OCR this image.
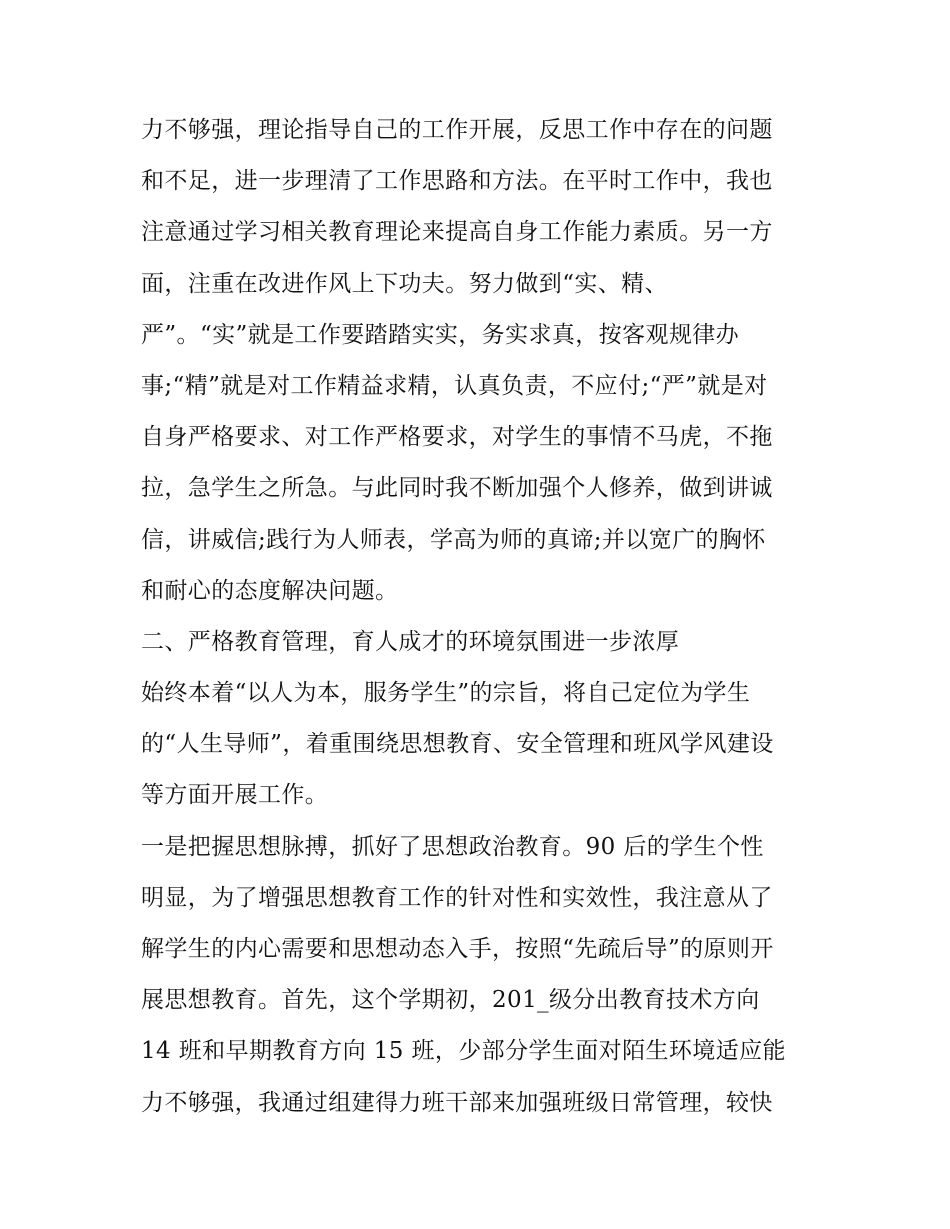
力不够强，理论指导自己的工作开展，反思工作中存在的问题
和不足，进一步理清了工作思路和方法。在平时工作中，我也
注意通过学习相关教育理论来提高自身工作能力素质。另一方
面，注重在改进作风上下功夫。努力做到“实、精、
严”。“实”就是工作要踏踏实实，务实求真，按客观规律办
事;“精”就是对工作精益求精，认真负责，不应付;“严”就是对
自身严格要求、对工作严格要求，对学生的事情不马虎，不拖
拉，急学生之所急。与此同时我不断加强个人修养，做到讲诚
信，讲威信;践行为人师表，学高为师的真谛;并以宽广的胸怀
和耐心的态度解决问题。
二、严格教育管理，育人成才的环境氛围进一步浓厚
始终本着“以人为本，服务学生”的宗旨，将自己定位为学生
的“人生导师”，着重围绕思想教育、安全管理和班风学风建设
等方面开展工作。
一是把握思想脉搏，抓好了思想政治教育。90 后的学生个性
明显，为了增强思想教育工作的针对性和实效性，我注意从了
解学生的内心需要和思想动态入手，按照“先疏后导”的原则开
展思想教育。首先，这个学期初，201_级分出教育技术方向
14 班和早期教育方向 15 班，少部分学生面对陌生环境适应能
力不够强，我通过组建得力班干部来加强班级日常管理，较快
